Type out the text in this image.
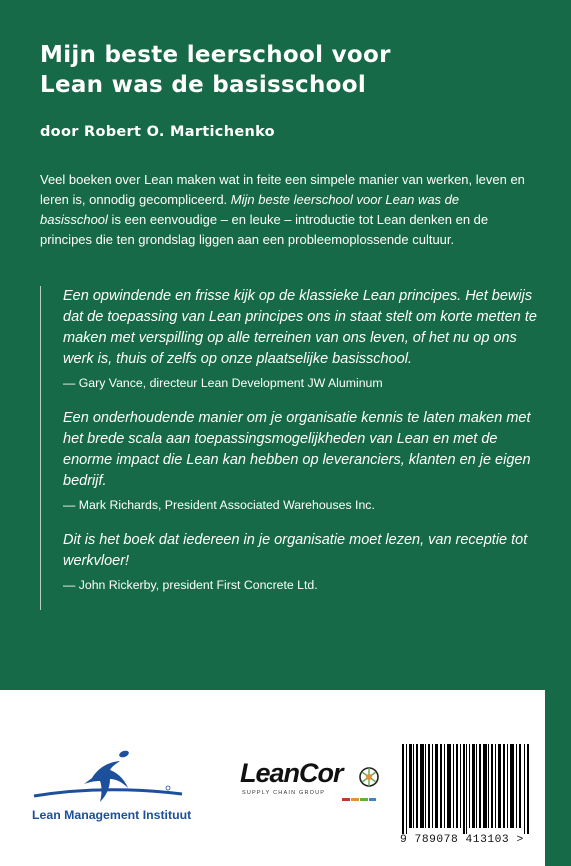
Mijn beste leerschool voor
Lean was de basisschool
door Robert O. Martichenko
Veel boeken over Lean maken wat in feite een simpele manier van werken, leven en leren is, onnodig gecompliceerd. Mijn beste leerschool voor Lean was de basisschool is een eenvoudige – en leuke – introductie tot Lean denken en de principes die ten grondslag liggen aan een probleemoplossende cultuur.
Een opwindende en frisse kijk op de klassieke Lean principes. Het bewijs dat de toepassing van Lean principes ons in staat stelt om korte metten te maken met verspilling op alle terreinen van ons leven, of het nu op ons werk is, thuis of zelfs op onze plaatselijke basisschool.
— Gary Vance, directeur Lean Development JW Aluminum
Een onderhoudende manier om je organisatie kennis te laten maken met het brede scala aan toepassingsmogelijkheden van Lean en met de enorme impact die Lean kan hebben op leveranciers, klanten en je eigen bedrijf.
— Mark Richards, President Associated Warehouses Inc.
Dit is het boek dat iedereen in je organisatie moet lezen, van receptie tot werkvloer!
— John Rickerby, president First Concrete Ltd.
Lean Management Instituut
LeanCor
SUPPLY CHAIN GROUP
9 789078 413103 >
